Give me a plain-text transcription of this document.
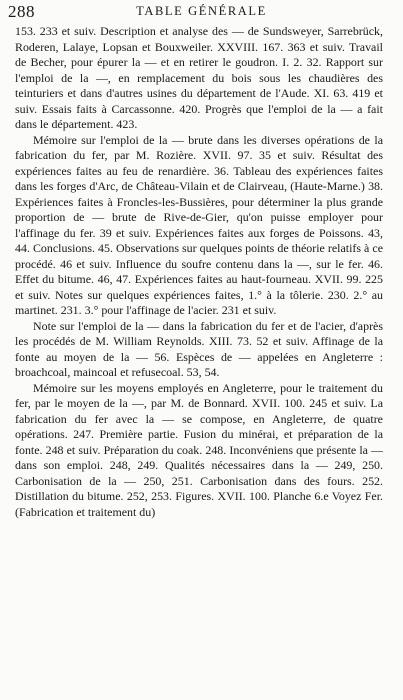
288	TABLE GÉNÉRALE

153. 233 et suiv. Description et analyse des — de Sundsweyer, Sarrebrück, Roderen, Lalaye, Lopsan et Bouxweiler. XXVIII. 167. 363 et suiv. Travail de Becher, pour épurer la — et en retirer le goudron. I. 2. 32. Rapport sur l'emploi de la —, en remplacement du bois sous les chaudières des teinturiers et dans d'autres usines du département de l'Aude. XI. 63. 419 et suiv. Essais faits à Carcassonne. 420. Progrès que l'emploi de la — a fait dans le département. 423.

Mémoire sur l'emploi de la — brute dans les diverses opérations de la fabrication du fer, par M. Rozière. XVII. 97. 35 et suiv. Résultat des expériences faites au feu de renardière. 36. Tableau des expériences faites dans les forges d'Arc, de Château-Vilain et de Clairveau, (Haute-Marne.) 38. Expériences faites à Froncles-les-Bussières, pour déterminer la plus grande proportion de — brute de Rive-de-Gier, qu'on puisse employer pour l'affinage du fer. 39 et suiv. Expériences faites aux forges de Poissons. 43, 44. Conclusions. 45. Observations sur quelques points de théorie relatifs à ce procédé. 46 et suiv. Influence du soufre contenu dans la —, sur le fer. 46. Effet du bitume. 46, 47. Expériences faites au haut-fourneau. XVII. 99. 225 et suiv. Notes sur quelques expériences faites, 1.° à la tôlerie. 230. 2.° au martinet. 231. 3.° pour l'affinage de l'acier. 231 et suiv.

Note sur l'emploi de la — dans la fabrication du fer et de l'acier, d'après les procédés de M. William Reynolds. XIII. 73. 52 et suiv. Affinage de la fonte au moyen de la — 56. Espèces de — appelées en Angleterre : broachcoal, maincoal et refusecoal. 53, 54.

Mémoire sur les moyens employés en Angleterre, pour le traitement du fer, par le moyen de la —, par M. de Bonnard. XVII. 100. 245 et suiv. La fabrication du fer avec la — se compose, en Angleterre, de quatre opérations. 247. Première partie. Fusion du minérai, et préparation de la fonte. 248 et suiv. Préparation du coak. 248. Inconvéniens que présente la — dans son emploi. 248, 249. Qualités nécessaires dans la — 249, 250. Carbonisation de la — 250, 251. Carbonisation dans des fours. 252. Distillation du bitume. 252, 253. Figures. XVII. 100. Planche 6.e Voyez Fer. (Fabrication et traitement du)
